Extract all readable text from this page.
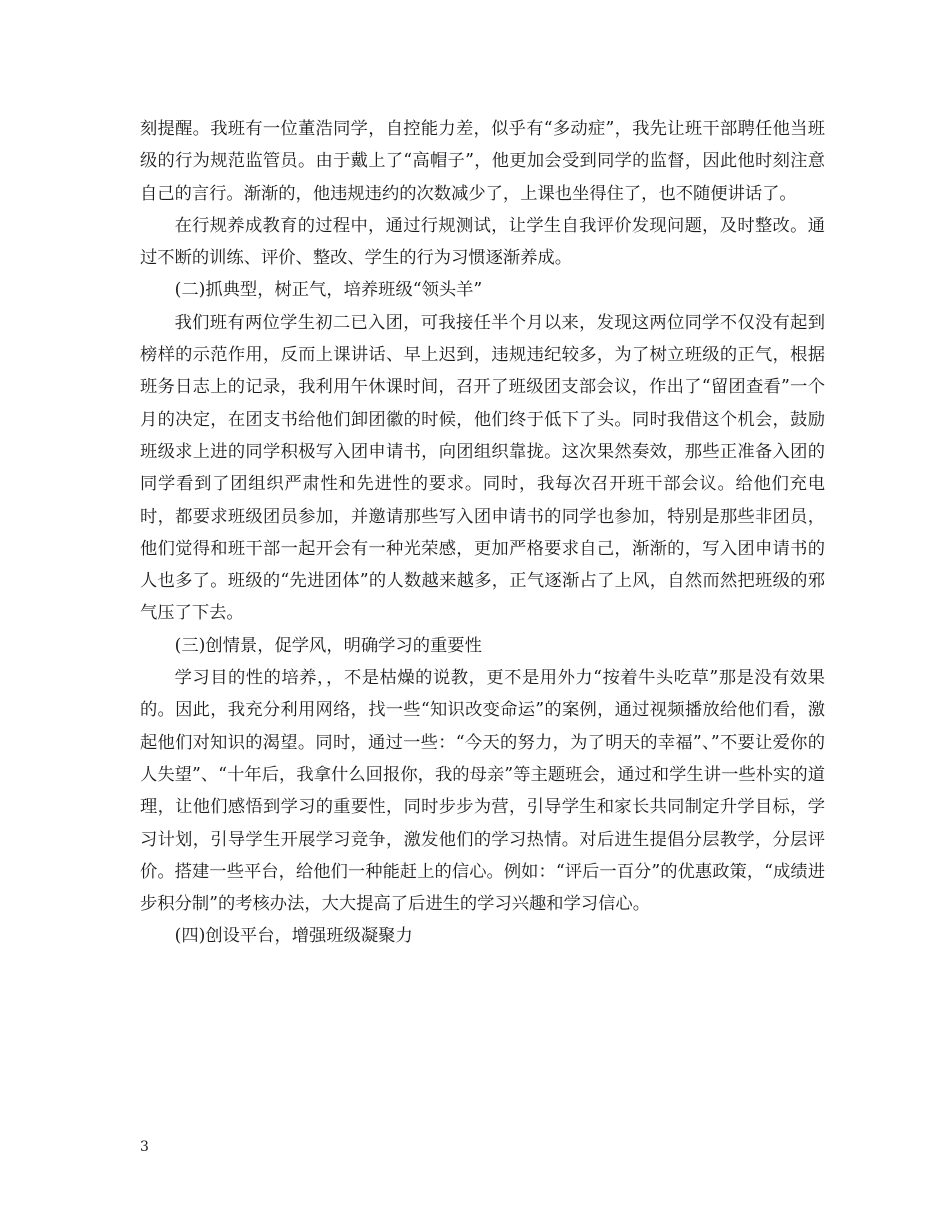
刻提醒。我班有一位董浩同学，自控能力差，似乎有“多动症”，我先让班干部聘任他当班级的行为规范监管员。由于戴上了“高帽子”，他更加会受到同学的监督，因此他时刻注意自己的言行。渐渐的，他违规违约的次数减少了，上课也坐得住了，也不随便讲话了。

在行规养成教育的过程中，通过行规测试，让学生自我评价发现问题，及时整改。通过不断的训练、评价、整改、学生的行为习惯逐渐养成。

(二)抓典型，树正气，培养班级“领头羊”

我们班有两位学生初二已入团，可我接任半个月以来，发现这两位同学不仅没有起到榜样的示范作用，反而上课讲话、早上迟到，违规违纪较多，为了树立班级的正气，根据班务日志上的记录，我利用午休课时间，召开了班级团支部会议，作出了“留团查看”一个月的决定，在团支书给他们卸团徽的时候，他们终于低下了头。同时我借这个机会，鼓励班级求上进的同学积极写入团申请书，向团组织靠拢。这次果然奏效，那些正准备入团的同学看到了团组织严肃性和先进性的要求。同时，我每次召开班干部会议。给他们充电时，都要求班级团员参加，并邀请那些写入团申请书的同学也参加，特别是那些非团员，他们觉得和班干部一起开会有一种光荣感，更加严格要求自己，渐渐的，写入团申请书的人也多了。班级的“先进团体”的人数越来越多，正气逐渐占了上风，自然而然把班级的邪气压了下去。

(三)创情景，促学风，明确学习的重要性

学习目的性的培养，，不是枯燥的说教，更不是用外力“按着牛头吃草”那是没有效果的。因此，我充分利用网络，找一些“知识改变命运”的案例，通过视频播放给他们看，激起他们对知识的渴望。同时，通过一些：“今天的努力，为了明天的幸福”、”不要让爱你的人失望”、“十年后，我拿什么回报你，我的母亲”等主题班会，通过和学生讲一些朴实的道理，让他们感悟到学习的重要性，同时步步为营，引导学生和家长共同制定升学目标，学习计划，引导学生开展学习竞争，激发他们的学习热情。对后进生提倡分层教学，分层评价。搭建一些平台，给他们一种能赶上的信心。例如：“评后一百分”的优惠政策，“成绩进步积分制”的考核办法，大大提高了后进生的学习兴趣和学习信心。

(四)创设平台，增强班级凝聚力

3
